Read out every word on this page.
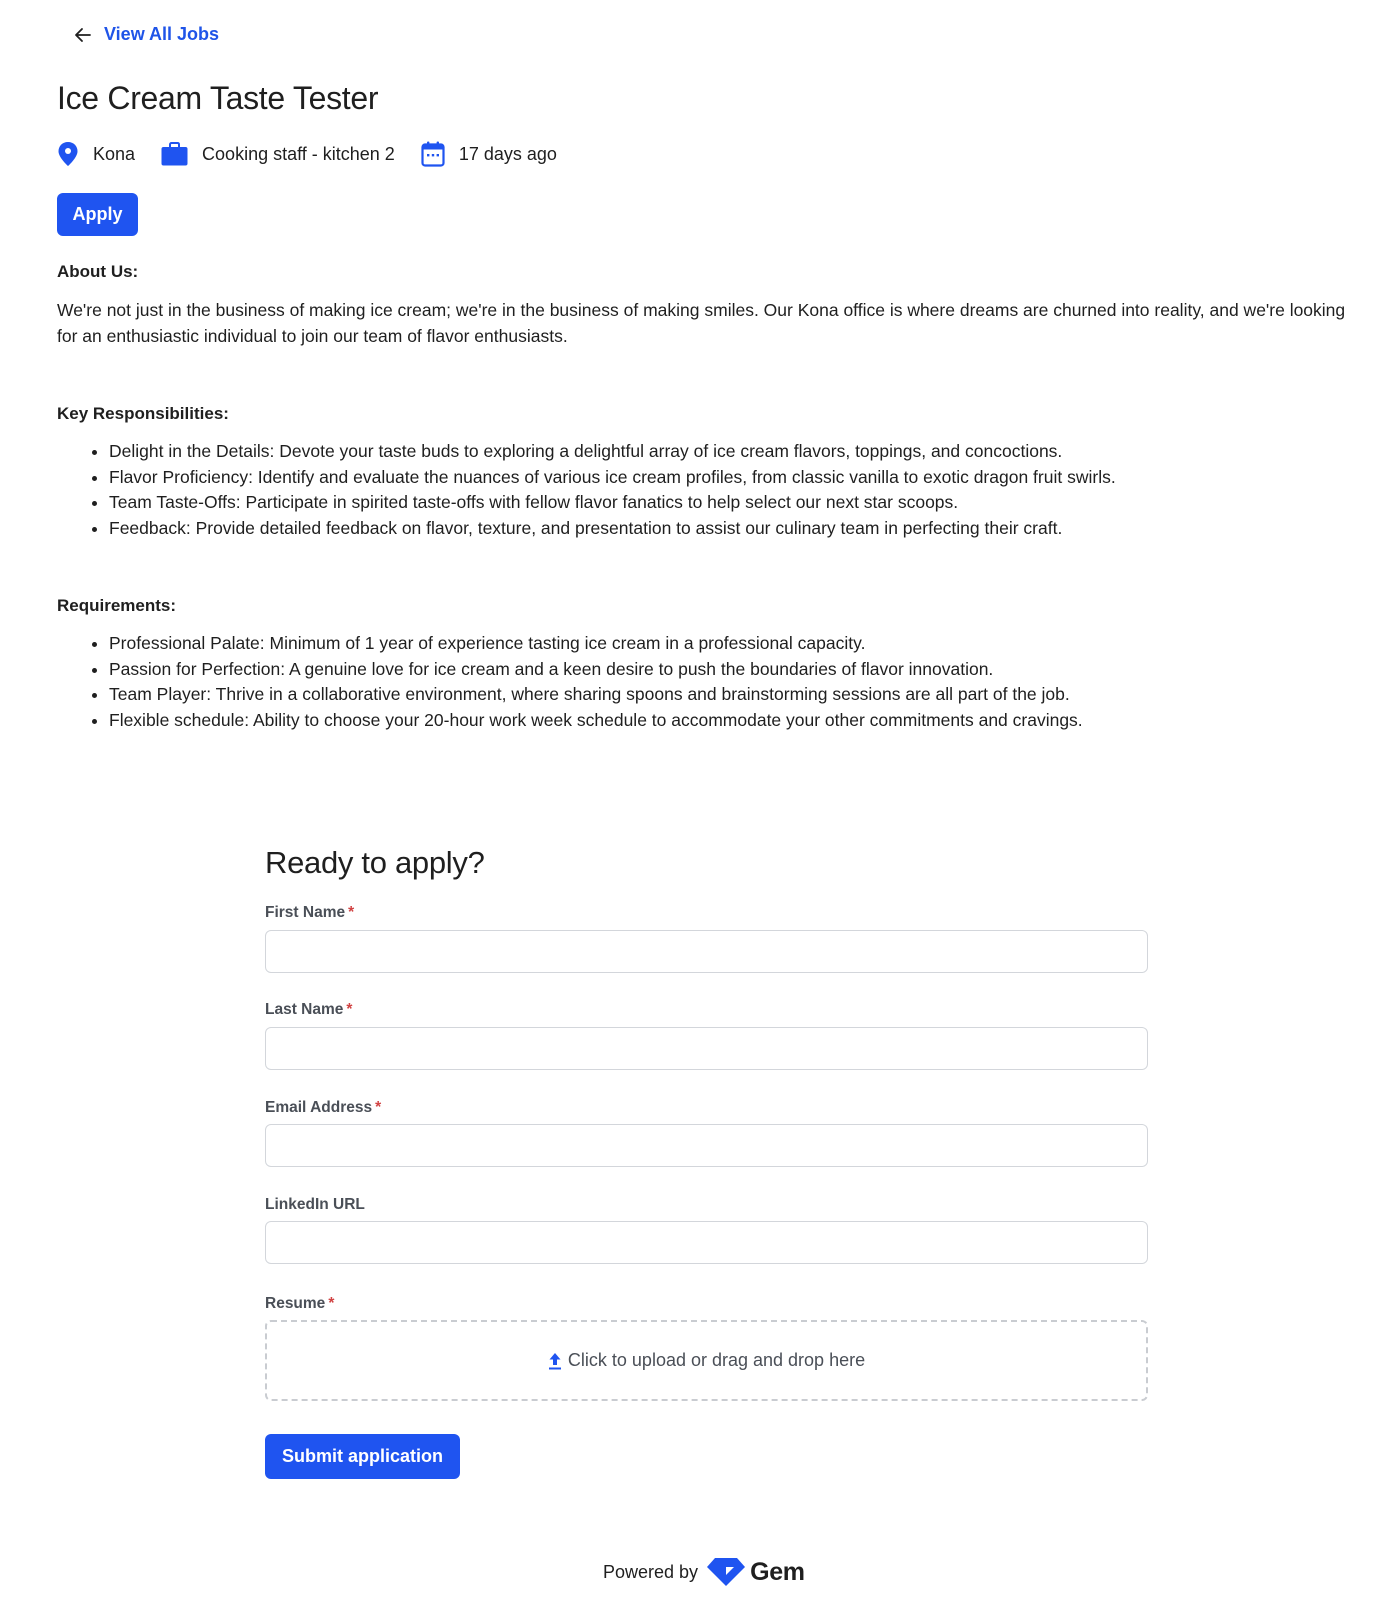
View All Jobs
Ice Cream Taste Tester
Kona	Cooking staff - kitchen 2	17 days ago
Apply
About Us:

We're not just in the business of making ice cream; we're in the business of making smiles. Our Kona office is where dreams are churned into reality, and we're looking for an enthusiastic individual to join our team of flavor enthusiasts.

Key Responsibilities:
• Delight in the Details: Devote your taste buds to exploring a delightful array of ice cream flavors, toppings, and concoctions.
• Flavor Proficiency: Identify and evaluate the nuances of various ice cream profiles, from classic vanilla to exotic dragon fruit swirls.
• Team Taste-Offs: Participate in spirited taste-offs with fellow flavor fanatics to help select our next star scoops.
• Feedback: Provide detailed feedback on flavor, texture, and presentation to assist our culinary team in perfecting their craft.
Requirements:
• Professional Palate: Minimum of 1 year of experience tasting ice cream in a professional capacity.
• Passion for Perfection: A genuine love for ice cream and a keen desire to push the boundaries of flavor innovation.
• Team Player: Thrive in a collaborative environment, where sharing spoons and brainstorming sessions are all part of the job.
• Flexible schedule: Ability to choose your 20-hour work week schedule to accommodate your other commitments and cravings.
Ready to apply?
First Name *
Last Name *
Email Address *
LinkedIn URL
Resume *
Click to upload or drag and drop here
Submit application
Powered by Gem
